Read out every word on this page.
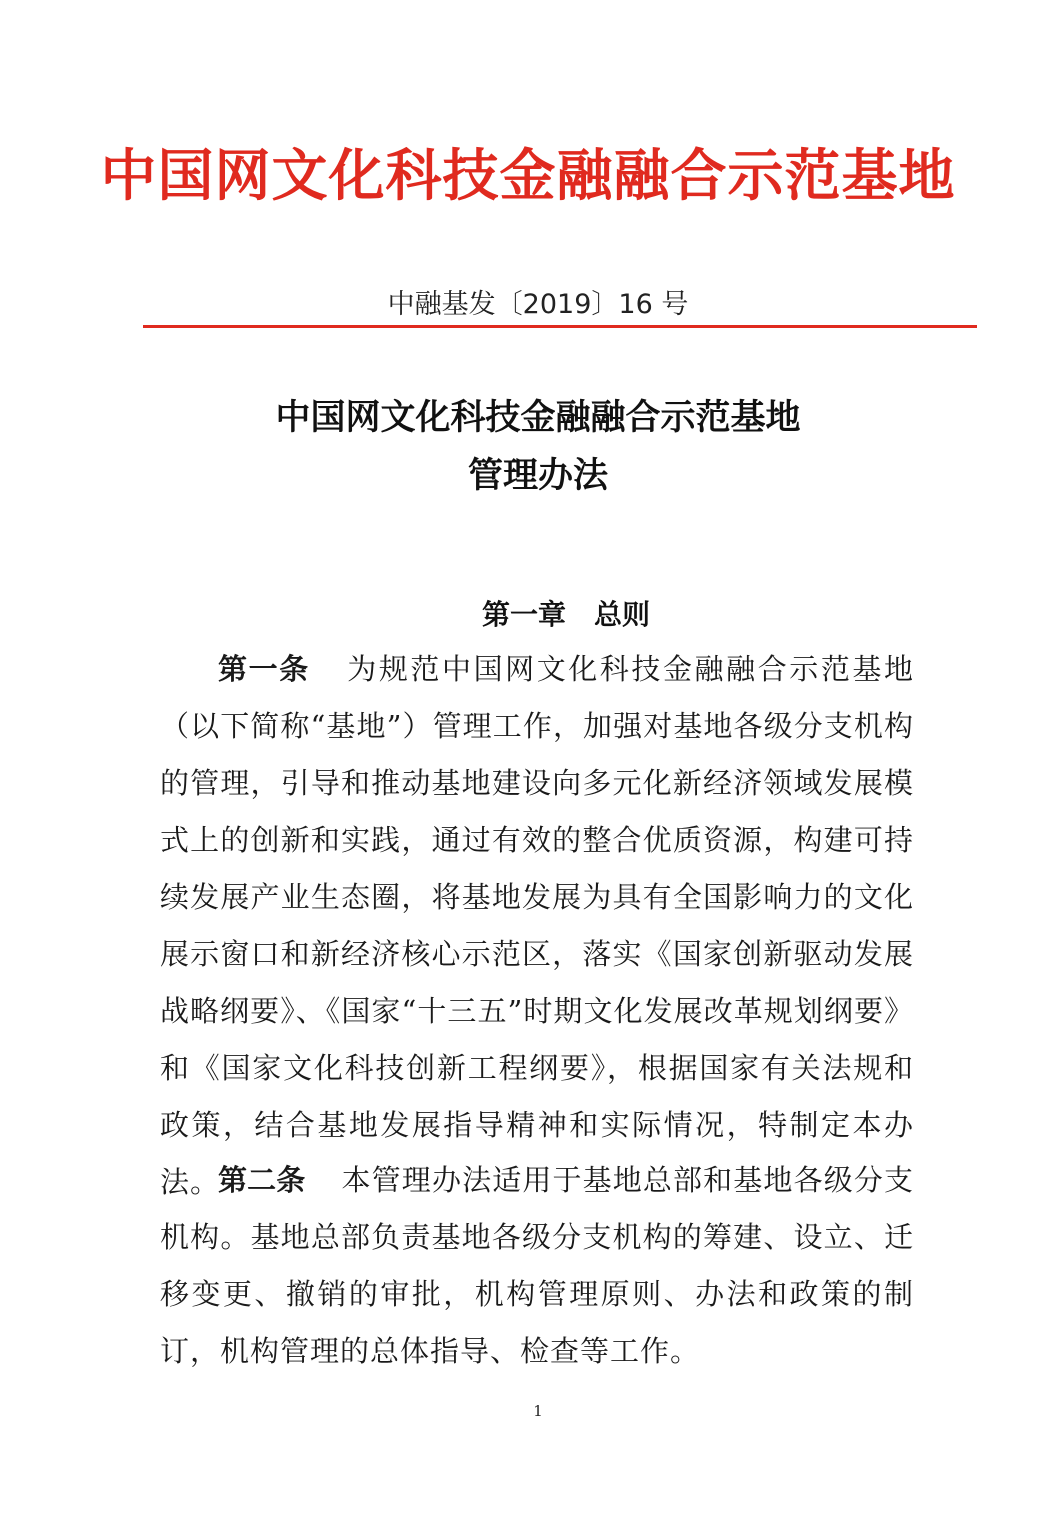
中国网文化科技金融融合示范基地
中融基发〔2019〕16 号
中国网文化科技金融融合示范基地
管理办法
第一章　总则
第一条 为规范中国网文化科技金融融合示范基地（以下简称“基地”）管理工作，加强对基地各级分支机构的管理，引导和推动基地建设向多元化新经济领域发展模式上的创新和实践，通过有效的整合优质资源，构建可持续发展产业生态圈，将基地发展为具有全国影响力的文化展示窗口和新经济核心示范区，落实《国家创新驱动发展战略纲要》、《国家“十三五”时期文化发展改革规划纲要》和《国家文化科技创新工程纲要》，根据国家有关法规和政策，结合基地发展指导精神和实际情况，特制定本办法。
第二条 本管理办法适用于基地总部和基地各级分支机构。基地总部负责基地各级分支机构的筹建、设立、迁移变更、撤销的审批，机构管理原则、办法和政策的制订，机构管理的总体指导、检查等工作。
1
